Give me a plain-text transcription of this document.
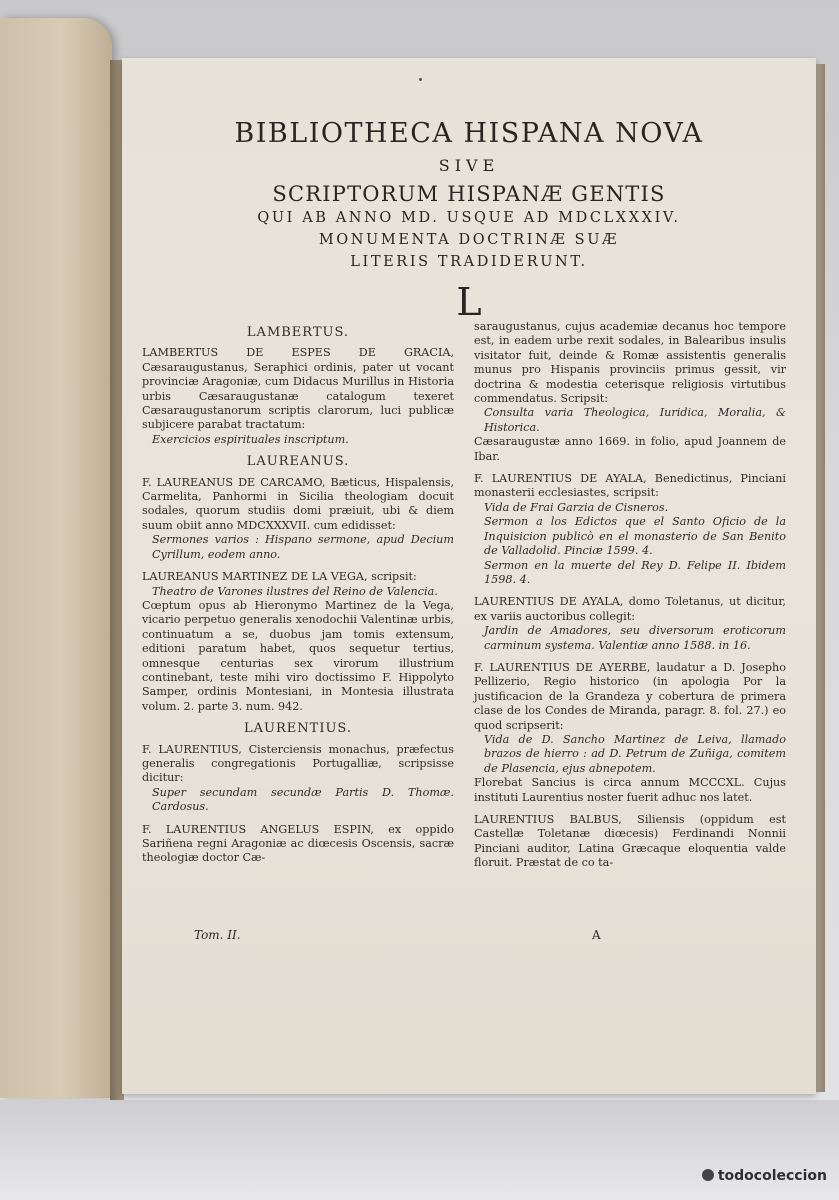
BIBLIOTHECA HISPANA NOVA
SIVE
SCRIPTORUM HISPANÆ GENTIS
QUI AB ANNO MD. USQUE AD MDCLXXXIV.
MONUMENTA DOCTRINÆ SUÆ
LITERIS TRADIDERUNT.
L
LAMBERTUS.

LAMBERTUS DE ESPES DE GRACIA, Cæsaraugustanus, Seraphici ordinis, pater ut vocant provinciæ Aragoniæ, cum Didacus Murillus in Historia urbis Cæsaraugustanæ catalogum texeret Cæsaraugustanorum scriptis clarorum, luci publicæ subjicere parabat tractatum:

Exercicios espirituales inscriptum.
LAUREANUS.

F. LAUREANUS DE CARCAMO, Bæticus, Hispalensis, Carmelita, Panhormi in Sicilia theologiam docuit sodales, quorum studiis domi præiuit, ubi & diem suum obiit anno MDCXXXVII. cum edidisset:

Sermones varios : Hispano sermone, apud Decium Cyrillum, eodem anno.

LAUREANUS MARTINEZ DE LA VEGA, scripsit:

Theatro de Varones ilustres del Reino de Valencia.

Cœptum opus ab Hieronymo Martinez de la Vega, vicario perpetuo generalis xenodochii Valentinæ urbis, continuatum a se, duobus jam tomis extensum, editioni paratum habet, quos sequetur tertius, omnesque centurias sex virorum illustrium continebant, teste mihi viro doctissimo F. Hippolyto Samper, ordinis Montesiani, in Montesia illustrata volum. 2. parte 3. num. 942.

LAURENTIUS.

F. LAURENTIUS, Cisterciensis monachus, præfectus generalis congregationis Portugalliæ, scripsisse dicitur:

Super secundam secundæ Partis D. Thomæ. Cardosus.

F. LAURENTIUS ANGELUS ESPIN, ex oppido Sariñena regni Aragoniæ ac diœcesis Oscensis, sacræ theologiæ doctor Cæ-

saraugustanus, cujus academiæ decanus hoc tempore est, in eadem urbe rexit sodales, in Balearibus insulis visitator fuit, deinde & Romæ assistentis generalis munus pro Hispanis provinciis primus gessit, vir doctrina & modestia ceterisque religiosis virtutibus commendatus. Scripsit:

Consulta varia Theologica, Iuridica, Moralia, & Historica.

Cæsaraugustæ anno 1669. in folio, apud Joannem de Ibar.

F. LAURENTIUS DE AYALA, Benedictinus, Pinciani monasterii ecclesiastes, scripsit:

Vida de Frai Garzia de Cisneros.
Sermon a los Edictos que el Santo Oficio de la Inquisicion publicò en el monasterio de San Benito de Valladolid. Pinciæ 1599. 4.
Sermon en la muerte del Rey D. Felipe II. Ibidem 1598. 4.

LAURENTIUS DE AYALA, domo Toletanus, ut dicitur, ex variis auctoribus collegit:

Jardin de Amadores, seu diversorum eroticorum carminum systema. Valentiæ anno 1588. in 16.

F. LAURENTIUS DE AYERBE, laudatur a D. Josepho Pellizerio, Regio historico (in apologia Por la justificacion de la Grandeza y cobertura de primera clase de los Condes de Miranda, paragr. 8. fol. 27.) eo quod scripserit:

Vida de D. Sancho Martinez de Leiva, llamado brazos de hierro : ad D. Petrum de Zuñiga, comitem de Plasencia, ejus abnepotem.

Florebat Sancius is circa annum MCCCXL. Cujus instituti Laurentius noster fuerit adhuc nos latet.

LAURENTIUS BALBUS, Siliensis (oppidum est Castellæ Toletanæ diœcesis) Ferdinandi Nonnii Pinciani auditor, Latina Græcaque eloquentia valde floruit. Præstat de co ta-

Tom. II.	A
todocoleccion
